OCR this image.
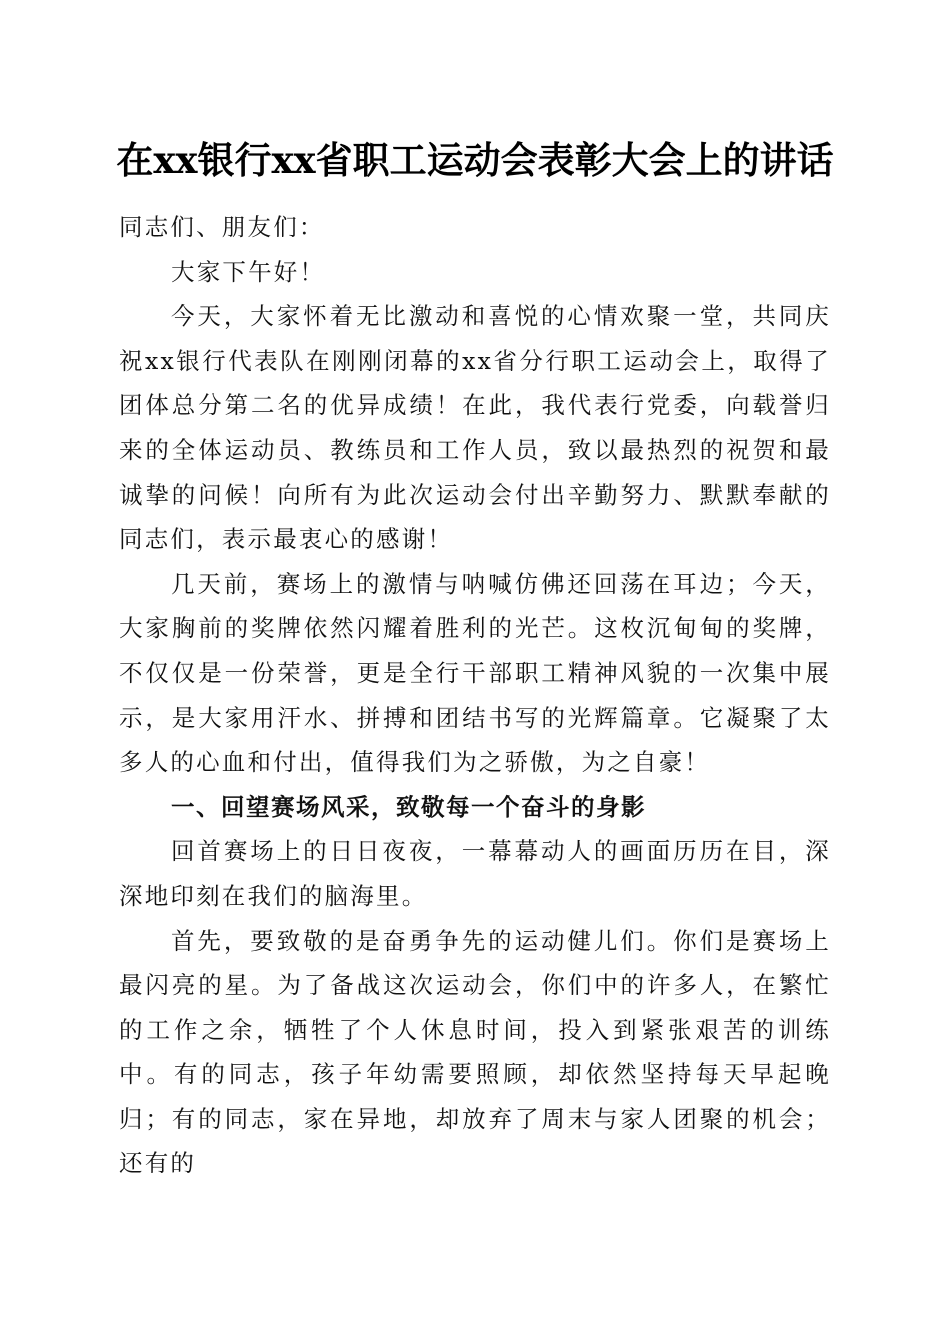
在xx银行xx省职工运动会表彰大会上的讲话

同志们、朋友们：

大家下午好！

今天，大家怀着无比激动和喜悦的心情欢聚一堂，共同庆祝xx银行代表队在刚刚闭幕的xx省分行职工运动会上，取得了团体总分第二名的优异成绩！在此，我代表行党委，向载誉归来的全体运动员、教练员和工作人员，致以最热烈的祝贺和最诚挚的问候！向所有为此次运动会付出辛勤努力、默默奉献的同志们，表示最衷心的感谢！

几天前，赛场上的激情与呐喊仿佛还回荡在耳边；今天，大家胸前的奖牌依然闪耀着胜利的光芒。这枚沉甸甸的奖牌，不仅仅是一份荣誉，更是全行干部职工精神风貌的一次集中展示，是大家用汗水、拼搏和团结书写的光辉篇章。它凝聚了太多人的心血和付出，值得我们为之骄傲，为之自豪！

一、回望赛场风采，致敬每一个奋斗的身影

回首赛场上的日日夜夜，一幕幕动人的画面历历在目，深深地印刻在我们的脑海里。

首先，要致敬的是奋勇争先的运动健儿们。你们是赛场上最闪亮的星。为了备战这次运动会，你们中的许多人，在繁忙的工作之余，牺牲了个人休息时间，投入到紧张艰苦的训练中。有的同志，孩子年幼需要照顾，却依然坚持每天早起晚归；有的同志，家在异地，却放弃了周末与家人团聚的机会；还有的
